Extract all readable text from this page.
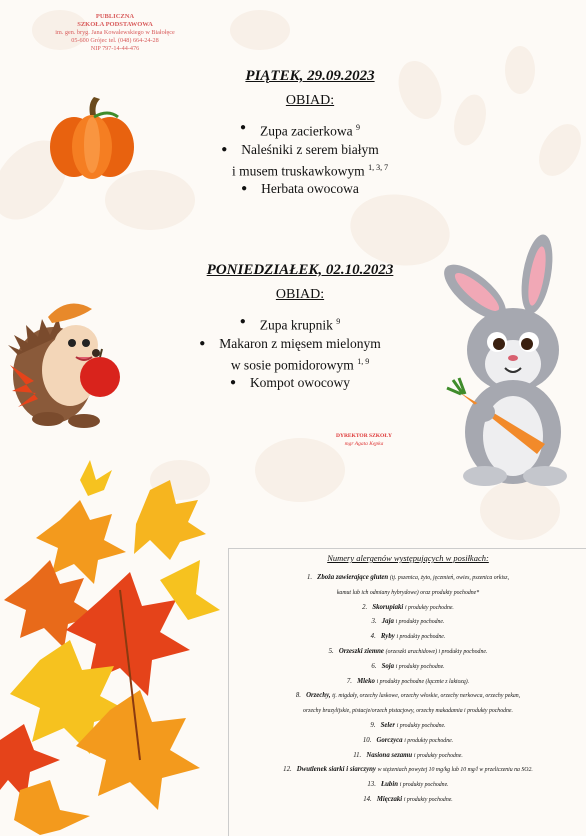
PUBLICZNA
SZKOŁA PODSTAWOWA
im. gen. bryg. Jana Kowalewskiego w Białołęce
05-600 Grójec tel. (048) 664-24-28
NIP 797-14-44-476
PIĄTEK, 29.09.2023
OBIAD:
● Zupa zacierkowa $^9$
● Naleśniki z serem białym
i musem truskawkowym $^{1, 3, 7}$
● Herbata owocowa
PONIEDZIAŁEK, 02.10.2023
OBIAD:
● Zupa krupnik $^9$
● Makaron z mięsem mielonym
w sosie pomidorowym $^{1, 9}$
● Kompot owocowy
DYREKTOR SZKOŁY
mgr Agata Kępka
Numery alergenów występujących w posiłkach:
1. Zboża zawierające gluten (tj. pszenica, żyto, jęczmień, owies, pszenica orkisz,
kamut lub ich odmiany hybrydowe) oraz produkty pochodne*
2. Skorupiaki i produkty pochodne.
3. Jaja i produkty pochodne.
4. Ryby i produkty pochodne.
5. Orzeszki ziemne (orzeszki arachidowe) i produkty pochodne.
6. Soja i produkty pochodne.
7. Mleko i produkty pochodne (łącznie z laktozą).
8. Orzechy, tj. migdały, orzechy laskowe, orzechy włoskie, orzechy nerkowca, orzechy pekan,
orzechy brazylijskie, pistacje/orzech pistacjowy, orzechy makadamia i produkty pochodne.
9. Seler i produkty pochodne.
10. Gorczyca i produkty pochodne.
11. Nasiona sezamu i produkty pochodne.
12. Dwutlenek siarki i siarczyny w stężeniach powyżej 10 mg/kg lub 10 mg/l w przeliczeniu na SO2.
13. Łubin i produkty pochodne.
14. Mięczaki i produkty pochodne.
